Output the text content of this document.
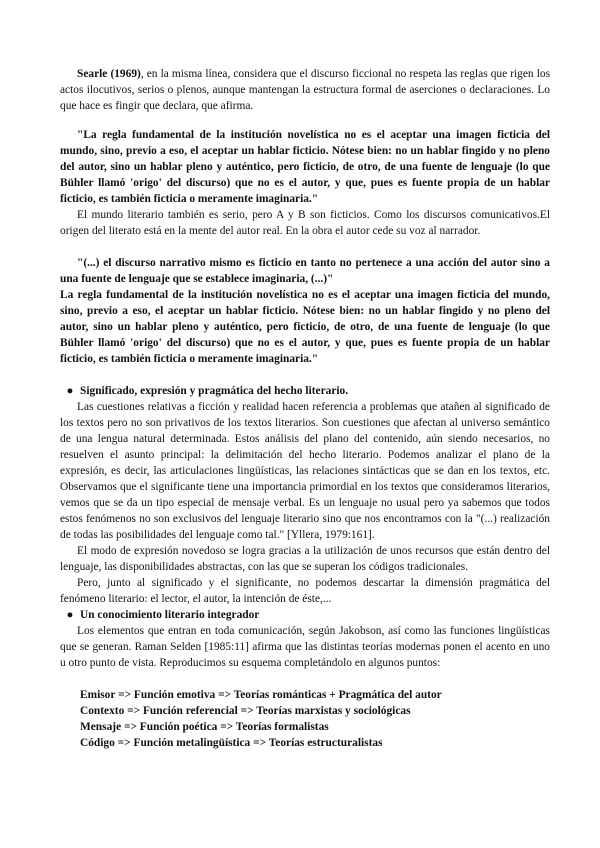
Searle (1969), en la misma línea, considera que el discurso ficcional no respeta las reglas que rigen los actos ilocutivos, serios o plenos, aunque mantengan la estructura formal de aserciones o declaraciones. Lo que hace es fingir que declara, que afirma.

"La regla fundamental de la institución novelística no es el aceptar una imagen ficticia del mundo, sino, previo a eso, el aceptar un hablar ficticio. Nótese bien: no un hablar fingido y no pleno del autor, sino un hablar pleno y auténtico, pero ficticio, de otro, de una fuente de lenguaje (lo que Bühler llamó 'origo' del discurso) que no es el autor, y que, pues es fuente propia de un hablar ficticio, es también ficticia o meramente imaginaria."

El mundo literario también es serio, pero A y B son ficticios. Como los discursos comunicativos.El origen del literato está en la mente del autor real. En la obra el autor cede su voz al narrador.

"(...) el discurso narrativo mismo es ficticio en tanto no pertenece a una acción del autor sino a una fuente de lenguaje que se establece imaginaria, (...)"

La regla fundamental de la institución novelística no es el aceptar una imagen ficticia del mundo, sino, previo a eso, el aceptar un hablar ficticio. Nótese bien: no un hablar fingido y no pleno del autor, sino un hablar pleno y auténtico, pero ficticio, de otro, de una fuente de lenguaje (lo que Bühler llamó 'origo' del discurso) que no es el autor, y que, pues es fuente propia de un hablar ficticio, es también ficticia o meramente imaginaria."

● Significado, expresión y pragmática del hecho literario.

Las cuestiones relativas a ficción y realidad hacen referencia a problemas que atañen al significado de los textos pero no son privativos de los textos literarios. Son cuestiones que afectan al universo semántico de una lengua natural determinada. Estos análisis del plano del contenido, aún siendo necesarios, no resuelven el asunto principal: la delimitación del hecho literario. Podemos analizar el plano de la expresión, es decir, las articulaciones lingüísticas, las relaciones sintácticas que se dan en los textos, etc. Observamos que el significante tiene una importancia primordial en los textos que consideramos literarios, vemos que se da un tipo especial de mensaje verbal. Es un lenguaje no usual pero ya sabemos que todos estos fenómenos no son exclusivos del lenguaje literario sino que nos encontramos con la "(...) realización de todas las posibilidades del lenguaje como tal." [Yllera, 1979:161].

El modo de expresión novedoso se logra gracias a la utilización de unos recursos que están dentro del lenguaje, las disponibilidades abstractas, con las que se superan los códigos tradicionales.

Pero, junto al significado y el significante, no podemos descartar la dimensión pragmática del fenómeno literario: el lector, el autor, la intención de éste,...

● Un conocimiento literario integrador

Los elementos que entran en toda comunicación, según Jakobson, así como las funciones lingüísticas que se generan. Raman Selden [1985:11] afirma que las distintas teorías modernas ponen el acento en uno u otro punto de vista. Reproducimos su esquema completándolo en algunos puntos:

Emisor => Función emotiva => Teorías románticas + Pragmática del autor
Contexto => Función referencial => Teorías marxistas y sociológicas
Mensaje => Función poética => Teorías formalistas
Código => Función metalingüística => Teorías estructuralistas
